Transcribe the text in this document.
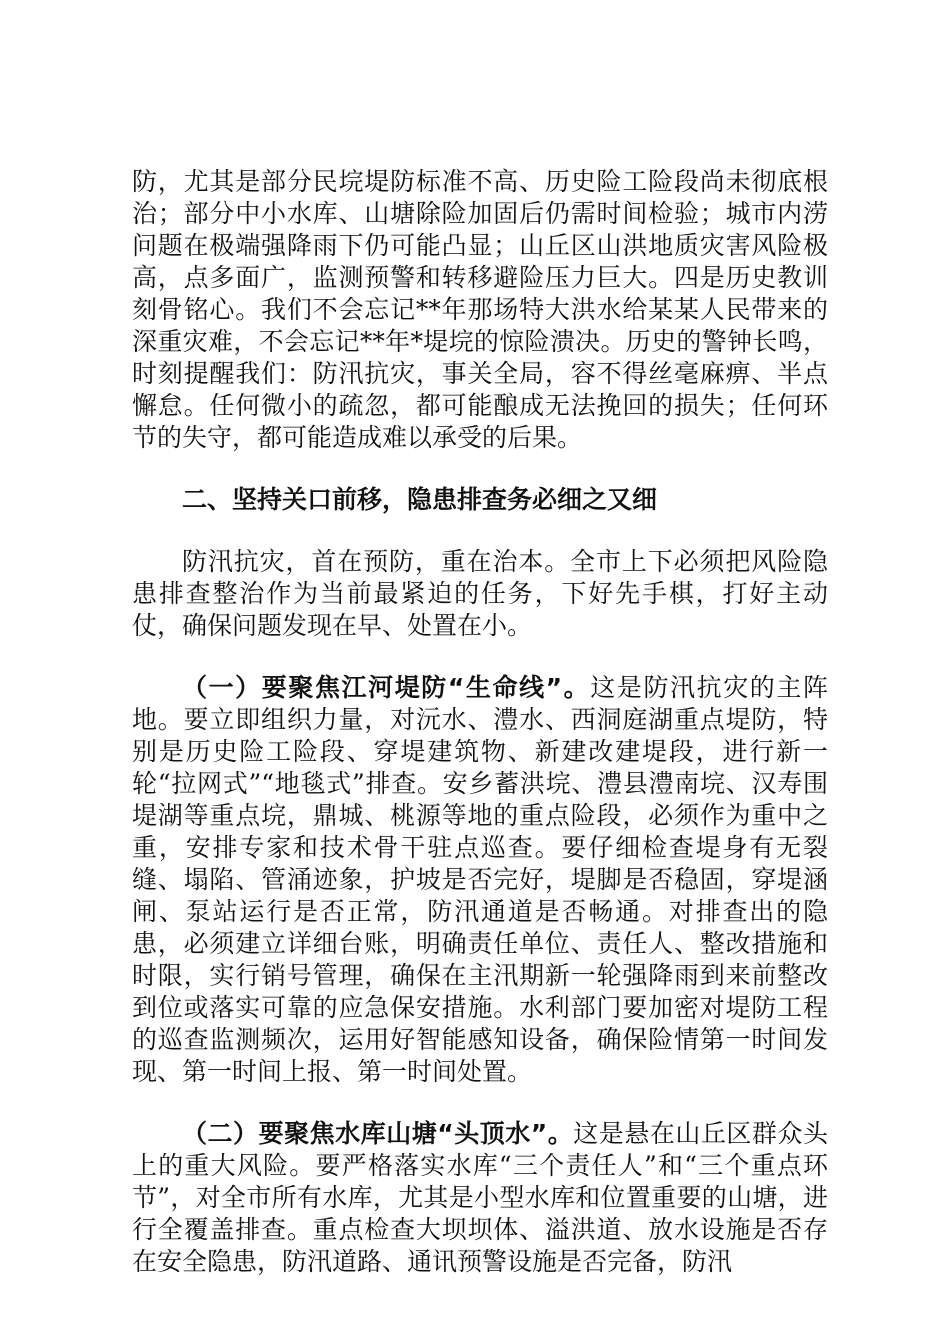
防，尤其是部分民垸堤防标准不高、历史险工险段尚未彻底根治；部分中小水库、山塘除险加固后仍需时间检验；城市内涝问题在极端强降雨下仍可能凸显；山丘区山洪地质灾害风险极高，点多面广，监测预警和转移避险压力巨大。四是历史教训刻骨铭心。我们不会忘记**年那场特大洪水给某某人民带来的深重灾难，不会忘记**年*堤垸的惊险溃决。历史的警钟长鸣，时刻提醒我们：防汛抗灾，事关全局，容不得丝毫麻痹、半点懈怠。任何微小的疏忽，都可能酿成无法挽回的损失；任何环节的失守，都可能造成难以承受的后果。

二、坚持关口前移，隐患排查务必细之又细

防汛抗灾，首在预防，重在治本。全市上下必须把风险隐患排查整治作为当前最紧迫的任务，下好先手棋，打好主动仗，确保问题发现在早、处置在小。

（一）要聚焦江河堤防“生命线”。这是防汛抗灾的主阵地。要立即组织力量，对沅水、澧水、西洞庭湖重点堤防，特别是历史险工险段、穿堤建筑物、新建改建堤段，进行新一轮“拉网式”“地毯式”排查。安乡蓄洪垸、澧县澧南垸、汉寿围堤湖等重点垸，鼎城、桃源等地的重点险段，必须作为重中之重，安排专家和技术骨干驻点巡查。要仔细检查堤身有无裂缝、塌陷、管涌迹象，护坡是否完好，堤脚是否稳固，穿堤涵闸、泵站运行是否正常，防汛通道是否畅通。对排查出的隐患，必须建立详细台账，明确责任单位、责任人、整改措施和时限，实行销号管理，确保在主汛期新一轮强降雨到来前整改到位或落实可靠的应急保安措施。水利部门要加密对堤防工程的巡查监测频次，运用好智能感知设备，确保险情第一时间发现、第一时间上报、第一时间处置。

（二）要聚焦水库山塘“头顶水”。这是悬在山丘区群众头上的重大风险。要严格落实水库“三个责任人”和“三个重点环节”，对全市所有水库，尤其是小型水库和位置重要的山塘，进行全覆盖排查。重点检查大坝坝体、溢洪道、放水设施是否存在安全隐患，防汛道路、通讯预警设施是否完备，防汛
